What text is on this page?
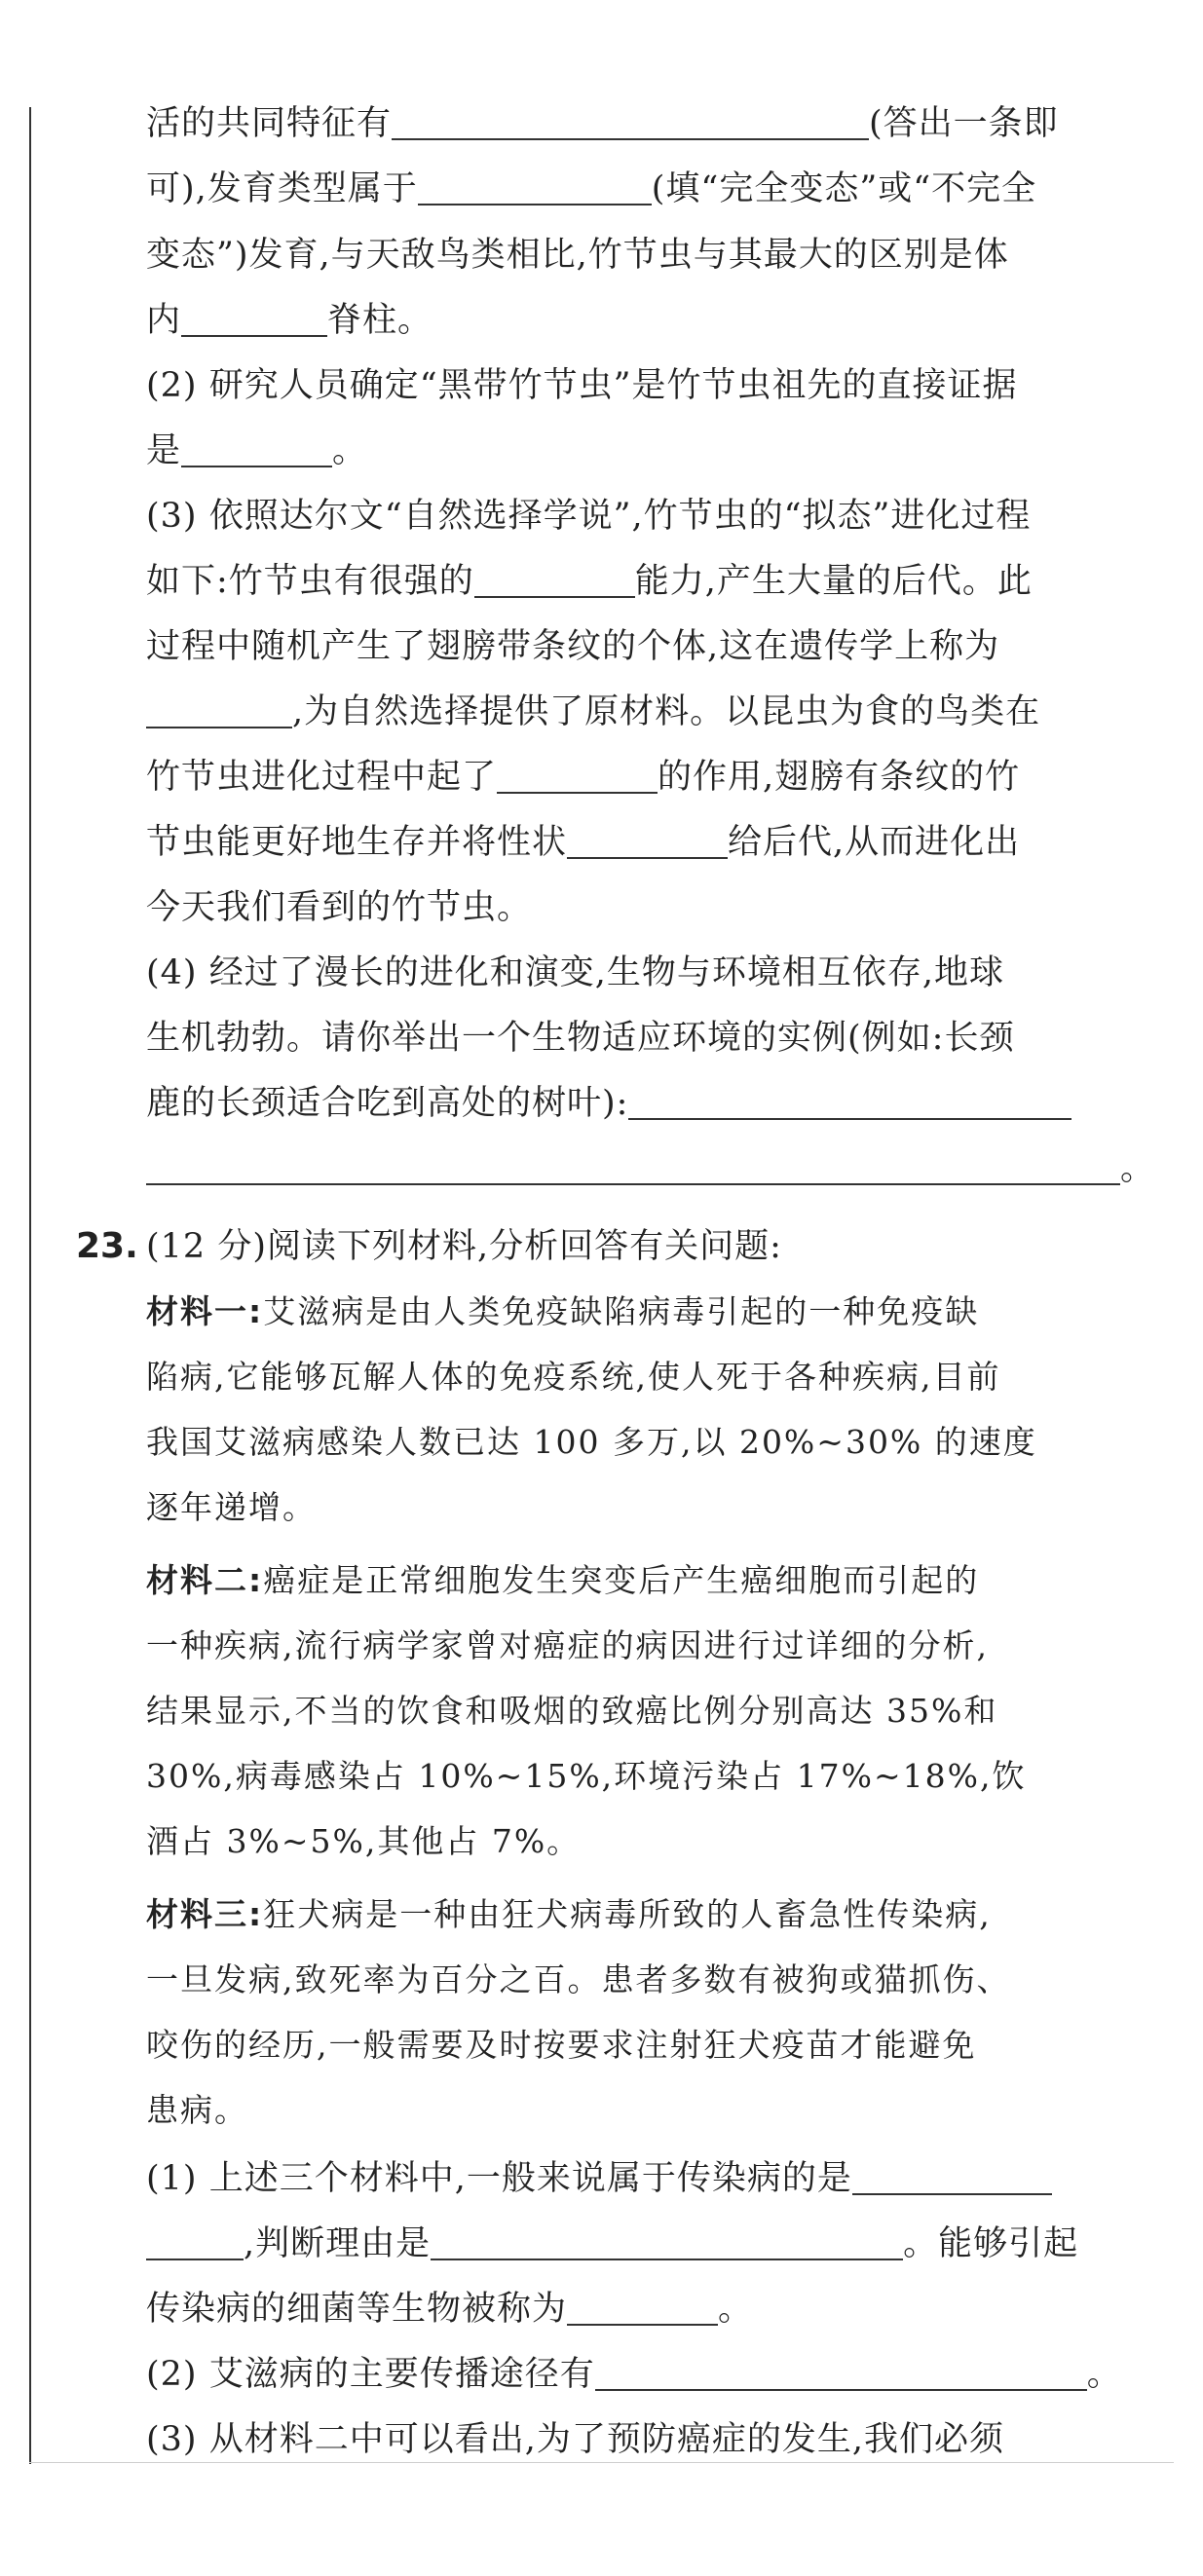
活的共同特征有	(答出一条即
可),发育类型属于	(填“完全变态”或“不完全
变态”)发育,与天敌鸟类相比,竹节虫与其最大的区别是体
内	脊柱。
(2) 研究人员确定“黑带竹节虫”是竹节虫祖先的直接证据
是	。
(3) 依照达尔文“自然选择学说”,竹节虫的“拟态”进化过程
如下:竹节虫有很强的	能力,产生大量的后代。此
过程中随机产生了翅膀带条纹的个体,这在遗传学上称为
,为自然选择提供了原材料。以昆虫为食的鸟类在
竹节虫进化过程中起了	的作用,翅膀有条纹的竹
节虫能更好地生存并将性状	给后代,从而进化出
今天我们看到的竹节虫。
(4) 经过了漫长的进化和演变,生物与环境相互依存,地球
生机勃勃。请你举出一个生物适应环境的实例(例如:长颈
鹿的长颈适合吃到高处的树叶):
。
23. (12 分)阅读下列材料,分析回答有关问题:
材料一:艾滋病是由人类免疫缺陷病毒引起的一种免疫缺
陷病,它能够瓦解人体的免疫系统,使人死于各种疾病,目前
我国艾滋病感染人数已达 100 多万,以 20%~30% 的速度
逐年递增。
材料二:癌症是正常细胞发生突变后产生癌细胞而引起的
一种疾病,流行病学家曾对癌症的病因进行过详细的分析,
结果显示,不当的饮食和吸烟的致癌比例分别高达 35%和
30%,病毒感染占 10%~15%,环境污染占 17%~18%,饮
酒占 3%~5%,其他占 7%。
材料三:狂犬病是一种由狂犬病毒所致的人畜急性传染病,
一旦发病,致死率为百分之百。患者多数有被狗或猫抓伤、
咬伤的经历,一般需要及时按要求注射狂犬疫苗才能避免
患病。
(1) 上述三个材料中,一般来说属于传染病的是
,判断理由是	。能够引起
传染病的细菌等生物被称为	。
(2) 艾滋病的主要传播途径有	。
(3) 从材料二中可以看出,为了预防癌症的发生,我们必须
